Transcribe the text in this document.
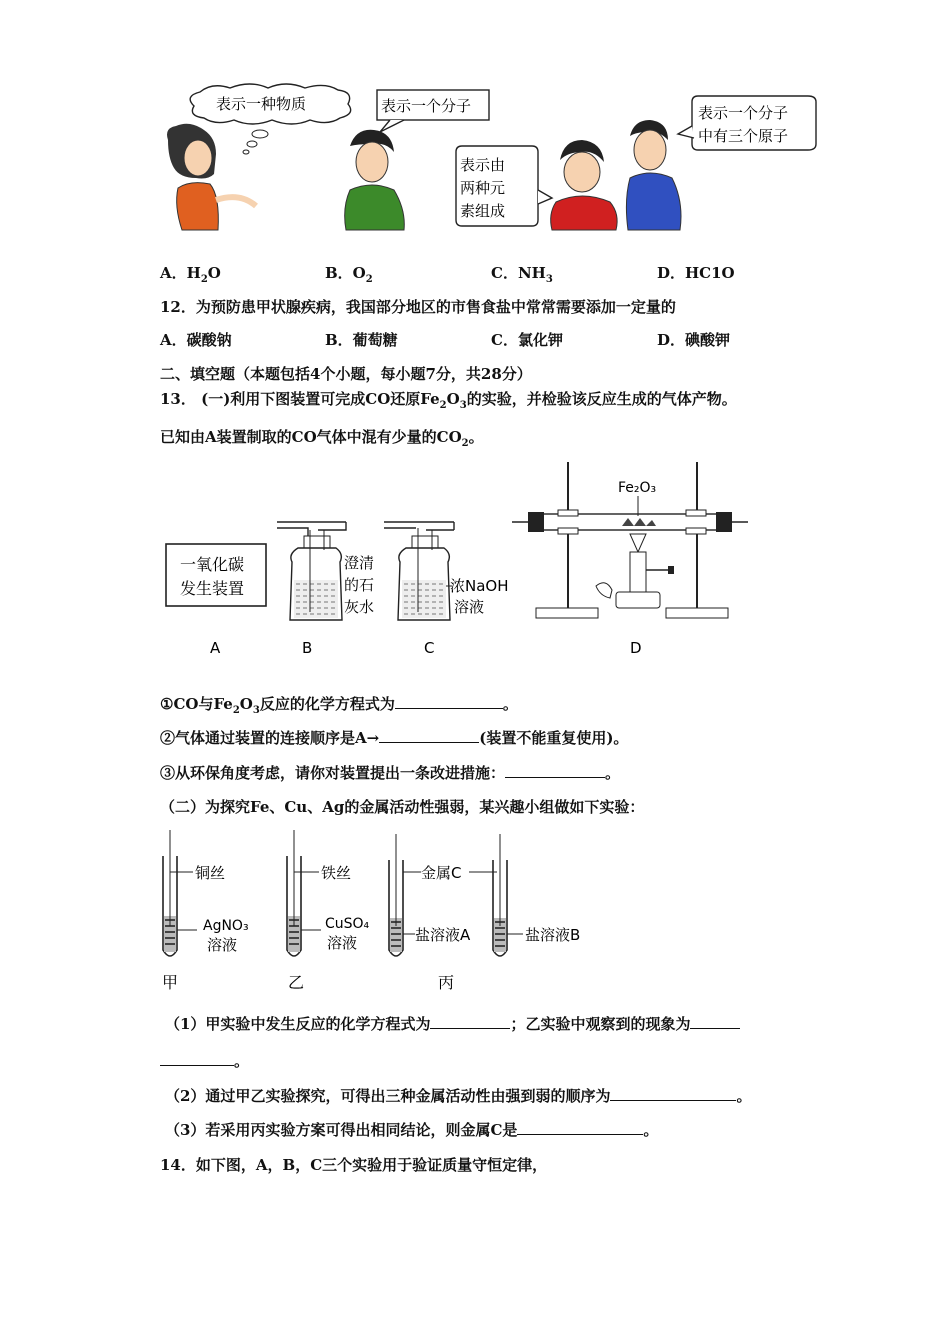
表示一种物质	表示一个分子
表示由
两种元
素组成
表示一个分子
中有三个原子
A．$H_2O$	B．$O_2$	C．$NH_3$	D．HC1O
12．为预防患甲状腺疾病，我国部分地区的市售食盐中常常需要添加一定量的
A．碳酸钠	B．葡萄糖	C．氯化钾	D．碘酸钾
二、填空题（本题包括4个小题，每小题7分，共28分）
13． (一)利用下图装置可完成CO还原$Fe_2O_3$的实验，并检验该反应生成的气体产物。
已知由A装置制取的CO气体中混有少量的$CO_2$。
一氧化碳
发生装置
澄清
的石
灰水
浓NaOH
溶液
Fe₂O₃
A	B	C	D
①CO与$Fe_2O_3$反应的化学方程式为	。
②气体通过装置的连接顺序是A→	(装置不能重复使用)。
③从环保角度考虑，请你对装置提出一条改进措施：	。
（二）为探究Fe、Cu、Ag的金属活动性强弱，某兴趣小组做如下实验：
铜丝
AgNO₃
溶液
铁丝
CuSO₄
溶液
金属C
盐溶液A	盐溶液B
甲	乙	丙
（1）甲实验中发生反应的化学方程式为	；乙实验中观察到的现象为
。
（2）通过甲乙实验探究，可得出三种金属活动性由强到弱的顺序为	。
（3）若采用丙实验方案可得出相同结论，则金属C是	。
14．如下图，A，B，C三个实验用于验证质量守恒定律，
